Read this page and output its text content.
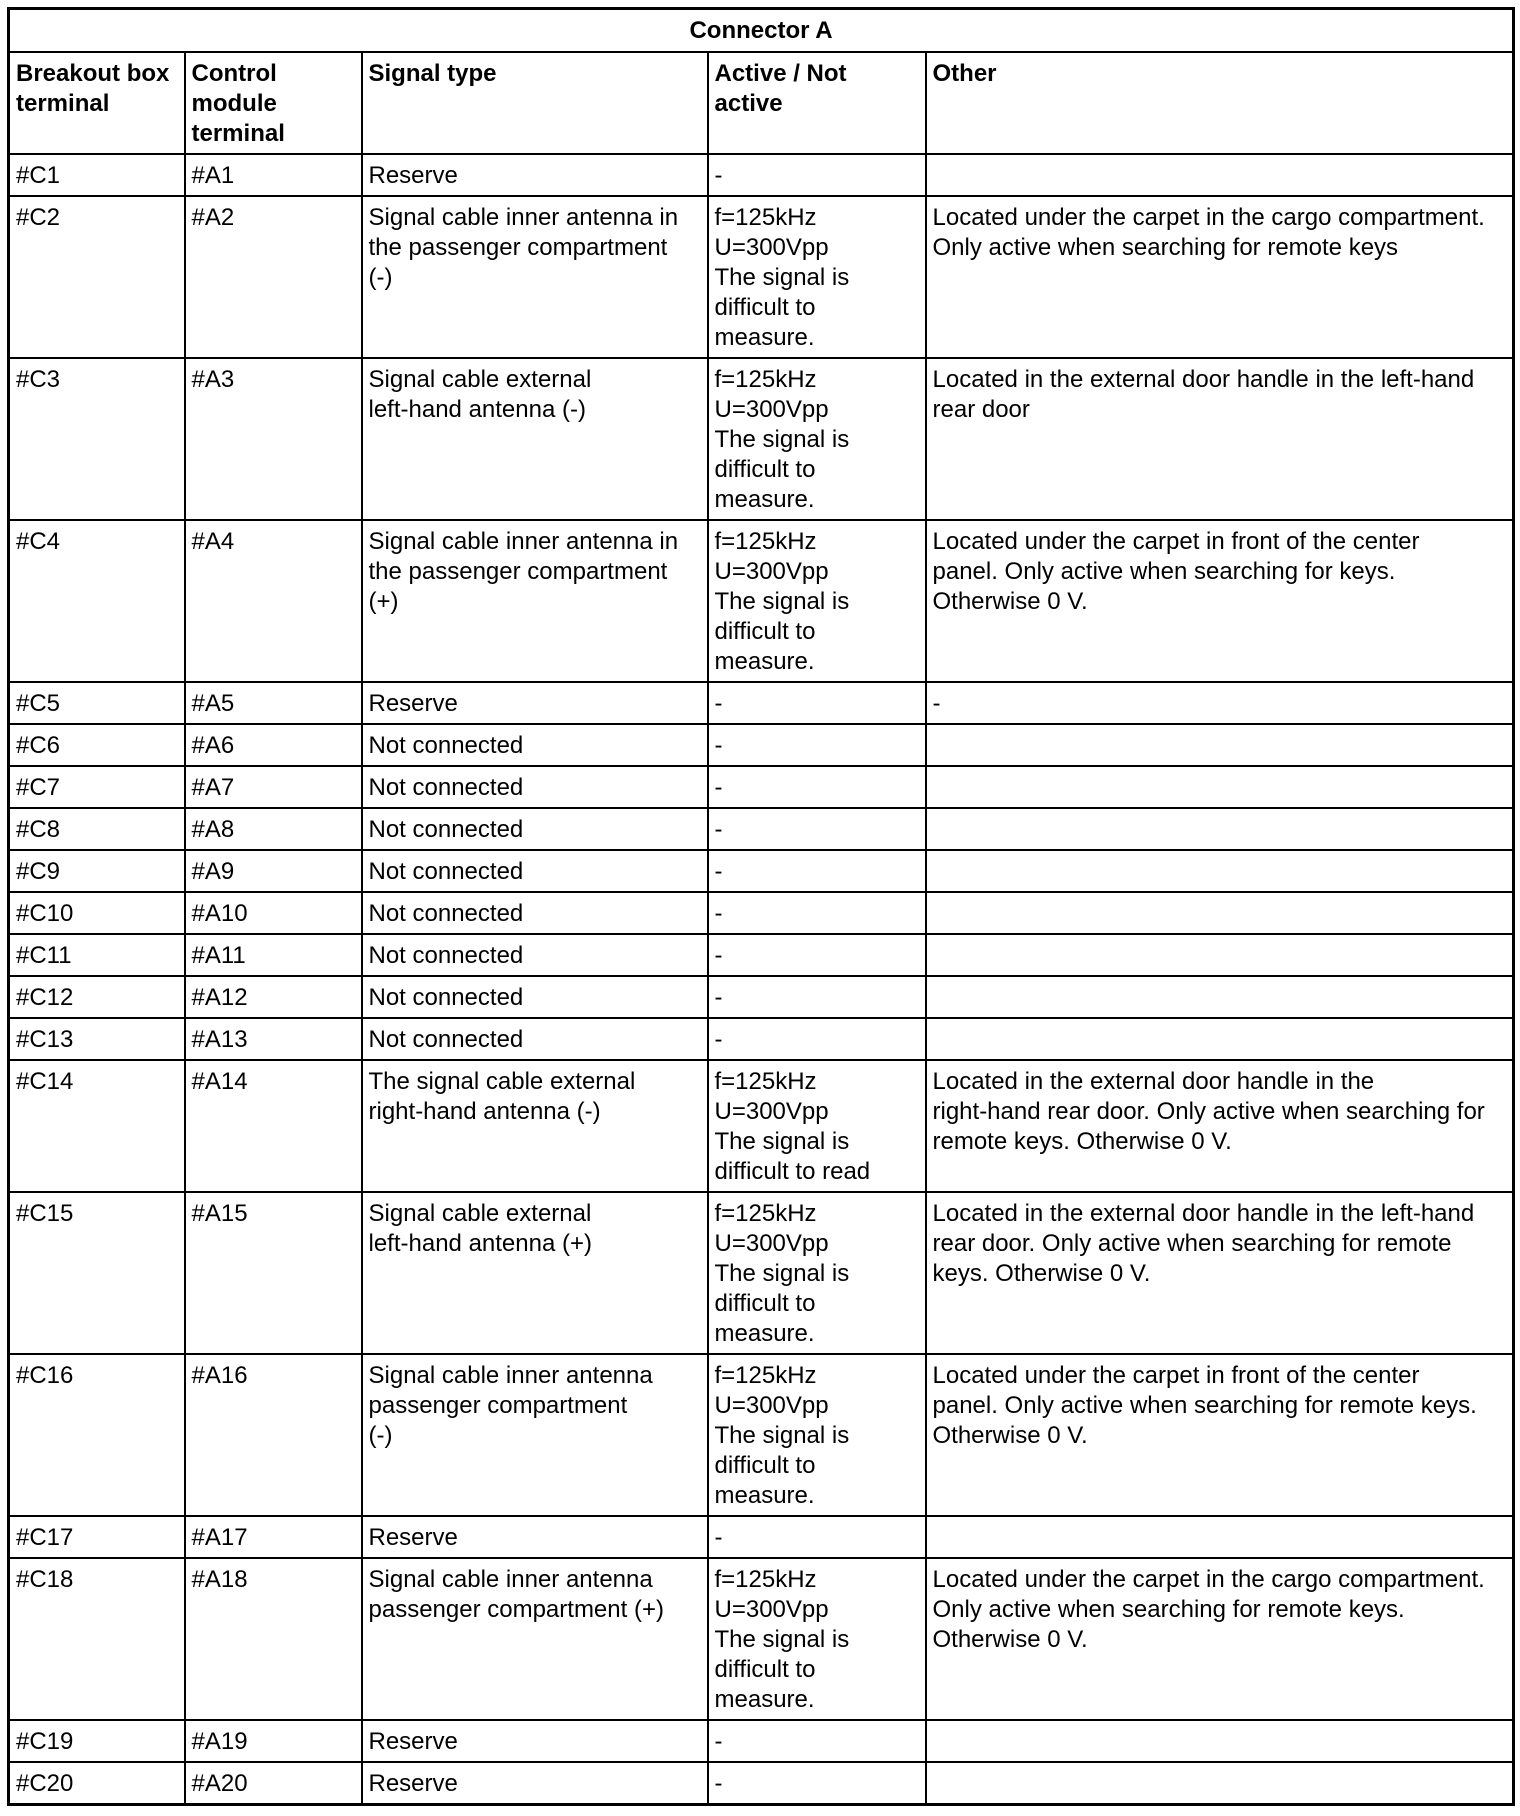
Connector A				

Breakout box
terminal	Control
module
terminal	Signal type	Active / Not
active	Other

#C1	#A1	Reserve	-	

#C2	#A2	Signal cable inner antenna in
the passenger compartment
(-)	f=125kHz
U=300Vpp
The signal is
difficult to
measure.	Located under the carpet in the cargo compartment.
Only active when searching for remote keys

#C3	#A3	Signal cable external
left-hand antenna (-)	f=125kHz
U=300Vpp
The signal is
difficult to
measure.	Located in the external door handle in the left-hand
rear door

#C4	#A4	Signal cable inner antenna in
the passenger compartment
(+)	f=125kHz
U=300Vpp
The signal is
difficult to
measure.	Located under the carpet in front of the center
panel. Only active when searching for keys.
Otherwise 0 V.

#C5	#A5	Reserve	-	-

#C6	#A6	Not connected	-	

#C7	#A7	Not connected	-	

#C8	#A8	Not connected	-	

#C9	#A9	Not connected	-	

#C10	#A10	Not connected	-	

#C11	#A11	Not connected	-	

#C12	#A12	Not connected	-	

#C13	#A13	Not connected	-	

#C14	#A14	The signal cable external
right-hand antenna (-)	f=125kHz
U=300Vpp
The signal is
difficult to read	Located in the external door handle in the
right-hand rear door. Only active when searching for
remote keys. Otherwise 0 V.

#C15	#A15	Signal cable external
left-hand antenna (+)	f=125kHz
U=300Vpp
The signal is
difficult to
measure.	Located in the external door handle in the left-hand
rear door. Only active when searching for remote
keys. Otherwise 0 V.

#C16	#A16	Signal cable inner antenna
passenger compartment
(-)	f=125kHz
U=300Vpp
The signal is
difficult to
measure.	Located under the carpet in front of the center
panel. Only active when searching for remote keys.
Otherwise 0 V.

#C17	#A17	Reserve	-	

#C18	#A18	Signal cable inner antenna
passenger compartment (+)	f=125kHz
U=300Vpp
The signal is
difficult to
measure.	Located under the carpet in the cargo compartment.
Only active when searching for remote keys.
Otherwise 0 V.

#C19	#A19	Reserve	-	

#C20	#A20	Reserve	-	
